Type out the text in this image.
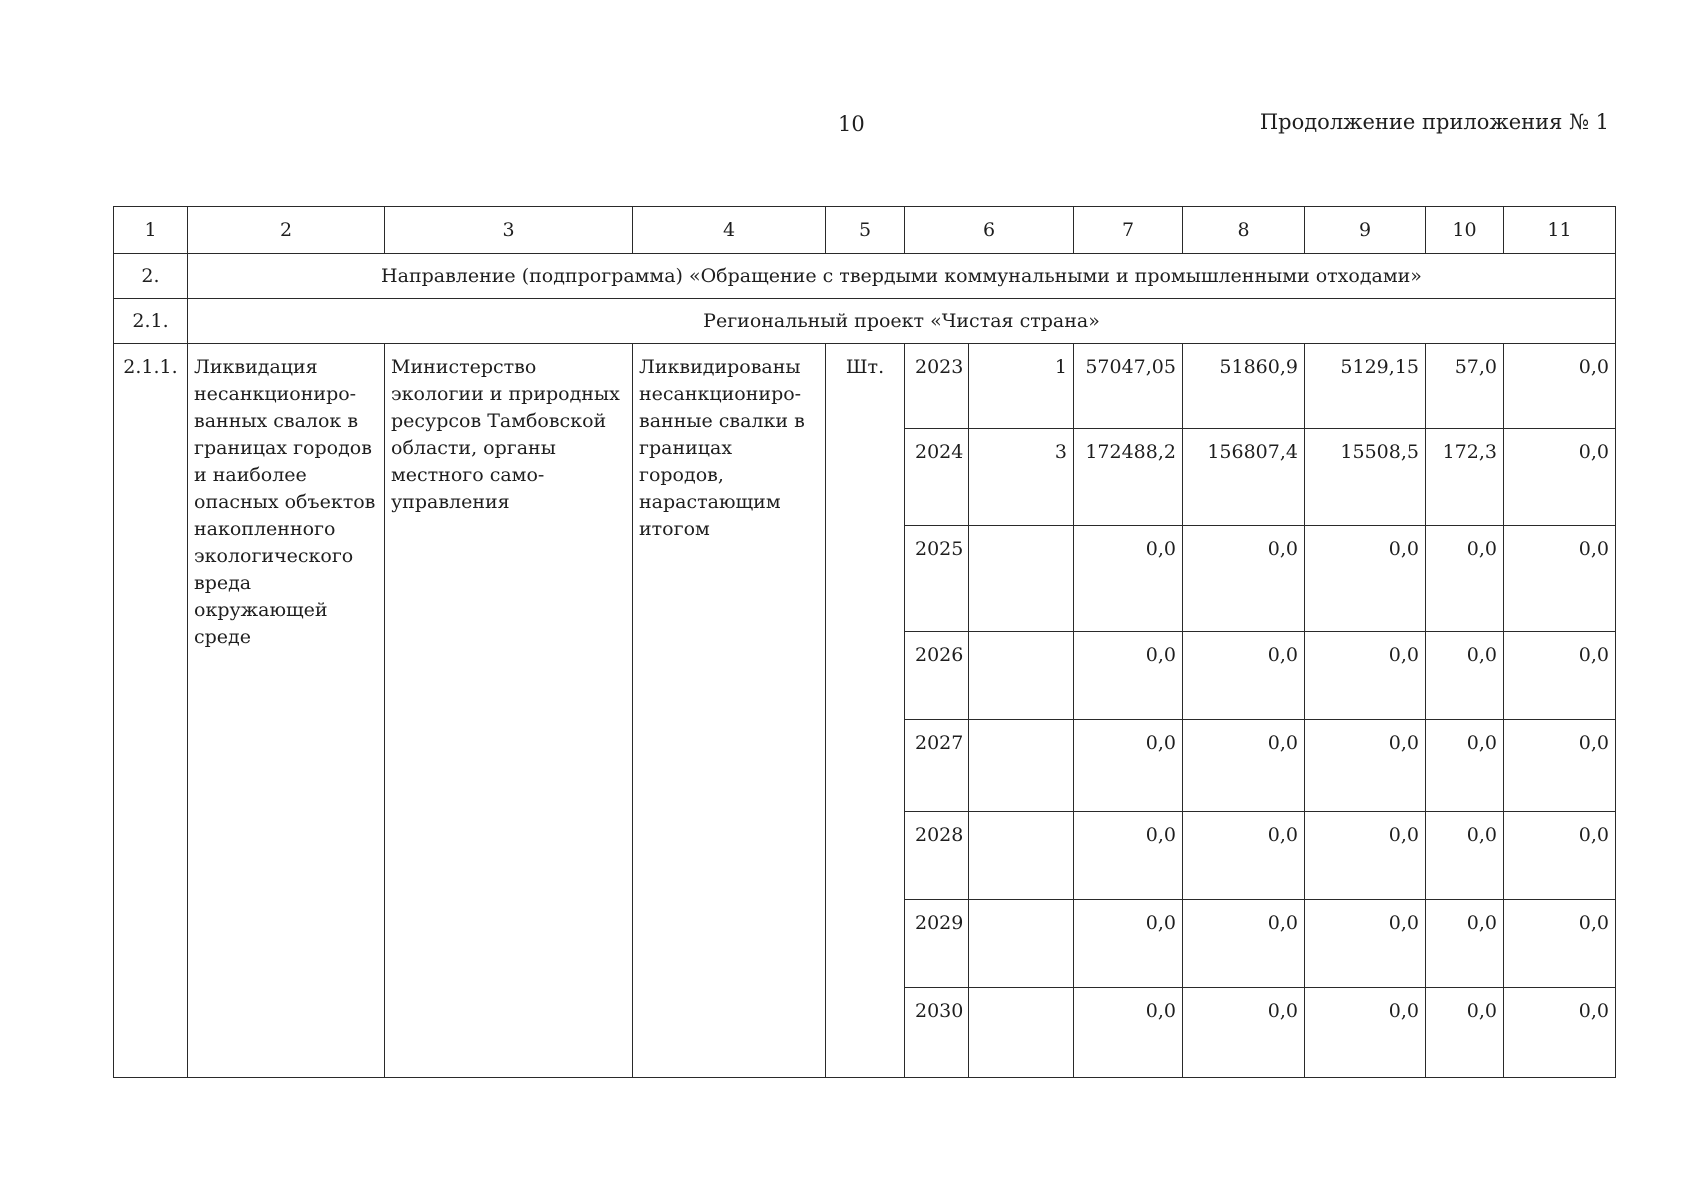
10	Продолжение приложения № 1
1	2	3	4	5	6		7	8	9	10	11
2.	Направление (подпрограмма) «Обращение с твердыми коммунальными и промышленными отходами»										
2.1.	Региональный проект «Чистая страна»										
2.1.1.	Ликвидация несанкциониро-ванных свалок в границах городов и наиболее опасных объектов накопленного экологического вреда окружающей среде	Министерство экологии и природных ресурсов Тамбовской области, органы местного само-управления	Ликвидированы несанкциониро-ванные свалки в границах городов, нарастающим итогом	Шт.	2023	1	57047,05	51860,9	5129,15	57,0	0,0
					2024	3	172488,2	156807,4	15508,5	172,3	0,0
					2025		0,0	0,0	0,0	0,0	0,0
					2026		0,0	0,0	0,0	0,0	0,0
					2027		0,0	0,0	0,0	0,0	0,0
					2028		0,0	0,0	0,0	0,0	0,0
					2029		0,0	0,0	0,0	0,0	0,0
					2030		0,0	0,0	0,0	0,0	0,0
